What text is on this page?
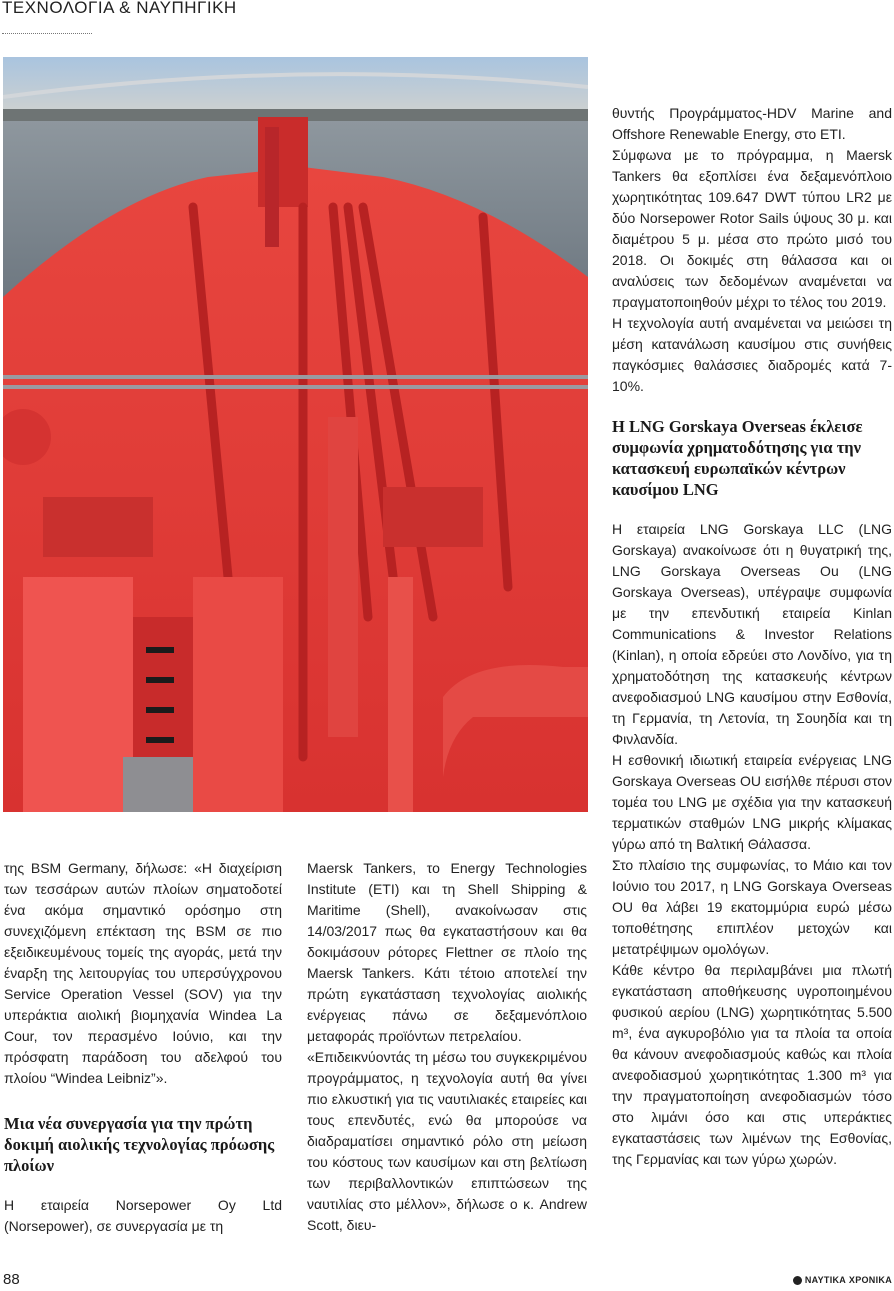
ΤΕΧΝΟΛΟΓΙΑ & ΝΑΥΠΗΓΙΚΗ

της BSM Germany, δήλωσε: «Η διαχείριση των τεσσάρων αυτών πλοίων σηματοδοτεί ένα ακόμα σημαντικό ορόσημο στη συνεχιζόμενη επέκταση της BSM σε πιο εξειδικευμένους τομείς της αγοράς, μετά την έναρξη της λειτουργίας του υπερσύγχρονου Service Operation Vessel (SOV) για την υπεράκτια αιολική βιομηχανία Windea La Cour, τον περασμένο Ιούνιο, και την πρόσφατη παράδοση του αδελφού του πλοίου “Windea Leibniz”».

Μια νέα συνεργασία για την πρώτη δοκιμή αιολικής τεχνολογίας πρόωσης πλοίων

Η εταιρεία Norsepower Oy Ltd (Norsepower), σε συνεργασία με τη

Maersk Tankers, το Energy Technologies Institute (ETI) και τη Shell Shipping & Maritime (Shell), ανακοίνωσαν στις 14/03/2017 πως θα εγκαταστήσουν και θα δοκιμάσουν ρότορες Flettner σε πλοίο της Maersk Tankers. Κάτι τέτοιο αποτελεί την πρώτη εγκατάσταση τεχνολογίας αιολικής ενέργειας πάνω σε δεξαμενόπλοιο μεταφοράς προϊόντων πετρελαίου.

«Επιδεικνύοντάς τη μέσω του συγκεκριμένου προγράμματος, η τεχνολογία αυτή θα γίνει πιο ελκυστική για τις ναυτιλιακές εταιρείες και τους επενδυτές, ενώ θα μπορούσε να διαδραματίσει σημαντικό ρόλο στη μείωση του κόστους των καυσίμων και στη βελτίωση των περιβαλλοντικών επιπτώσεων της ναυτιλίας στο μέλλον», δήλωσε ο κ. Andrew Scott, διευ-

θυντής Προγράμματος-HDV Marine and Offshore Renewable Energy, στο ETI.

Σύμφωνα με το πρόγραμμα, η Maersk Tankers θα εξοπλίσει ένα δεξαμενόπλοιο χωρητικότητας 109.647 DWT τύπου LR2 με δύο Norsepower Rotor Sails ύψους 30 μ. και διαμέτρου 5 μ. μέσα στο πρώτο μισό του 2018. Οι δοκιμές στη θάλασσα και οι αναλύσεις των δεδομένων αναμένεται να πραγματοποιηθούν μέχρι το τέλος του 2019.

Η τεχνολογία αυτή αναμένεται να μειώσει τη μέση κατανάλωση καυσίμου στις συνήθεις παγκόσμιες θαλάσσιες διαδρομές κατά 7-10%.

Η LNG Gorskaya Overseas έκλεισε συμφωνία χρηματοδότησης για την κατασκευή ευρωπαϊκών κέντρων καυσίμου LNG

Η εταιρεία LNG Gorskaya LLC (LNG Gorskaya) ανακοίνωσε ότι η θυγατρική της, LNG Gorskaya Overseas Ou (LNG Gorskaya Overseas), υπέγραψε συμφωνία με την επενδυτική εταιρεία Kinlan Communications & Investor Relations (Kinlan), η οποία εδρεύει στο Λονδίνο, για τη χρηματοδότηση της κατασκευής κέντρων ανεφοδιασμού LNG καυσίμου στην Εσθονία, τη Γερμανία, τη Λετονία, τη Σουηδία και τη Φινλανδία.

Η εσθονική ιδιωτική εταιρεία ενέργειας LNG Gorskaya Overseas OU εισήλθε πέρυσι στον τομέα του LNG με σχέδια για την κατασκευή τερματικών σταθμών LNG μικρής κλίμακας γύρω από τη Βαλτική Θάλασσα.

Στο πλαίσιο της συμφωνίας, το Μάιο και τον Ιούνιο του 2017, η LNG Gorskaya Overseas OU θα λάβει 19 εκατομμύρια ευρώ μέσω τοποθέτησης επιπλέον μετοχών και μετατρέψιμων ομολόγων.

Κάθε κέντρο θα περιλαμβάνει μια πλωτή εγκατάσταση αποθήκευσης υγροποιημένου φυσικού αερίου (LNG) χωρητικότητας 5.500 m³, ένα αγκυροβόλιο για τα πλοία τα οποία θα κάνουν ανεφοδιασμούς καθώς και πλοία ανεφοδιασμού χωρητικότητας 1.300 m³ για την πραγματοποίηση ανεφοδιασμών τόσο στο λιμάνι όσο και στις υπεράκτιες εγκαταστάσεις των λιμένων της Εσθονίας, της Γερμανίας και των γύρω χωρών.

88	ΝΑΥΤΙΚΑ ΧΡΟΝΙΚΑ
